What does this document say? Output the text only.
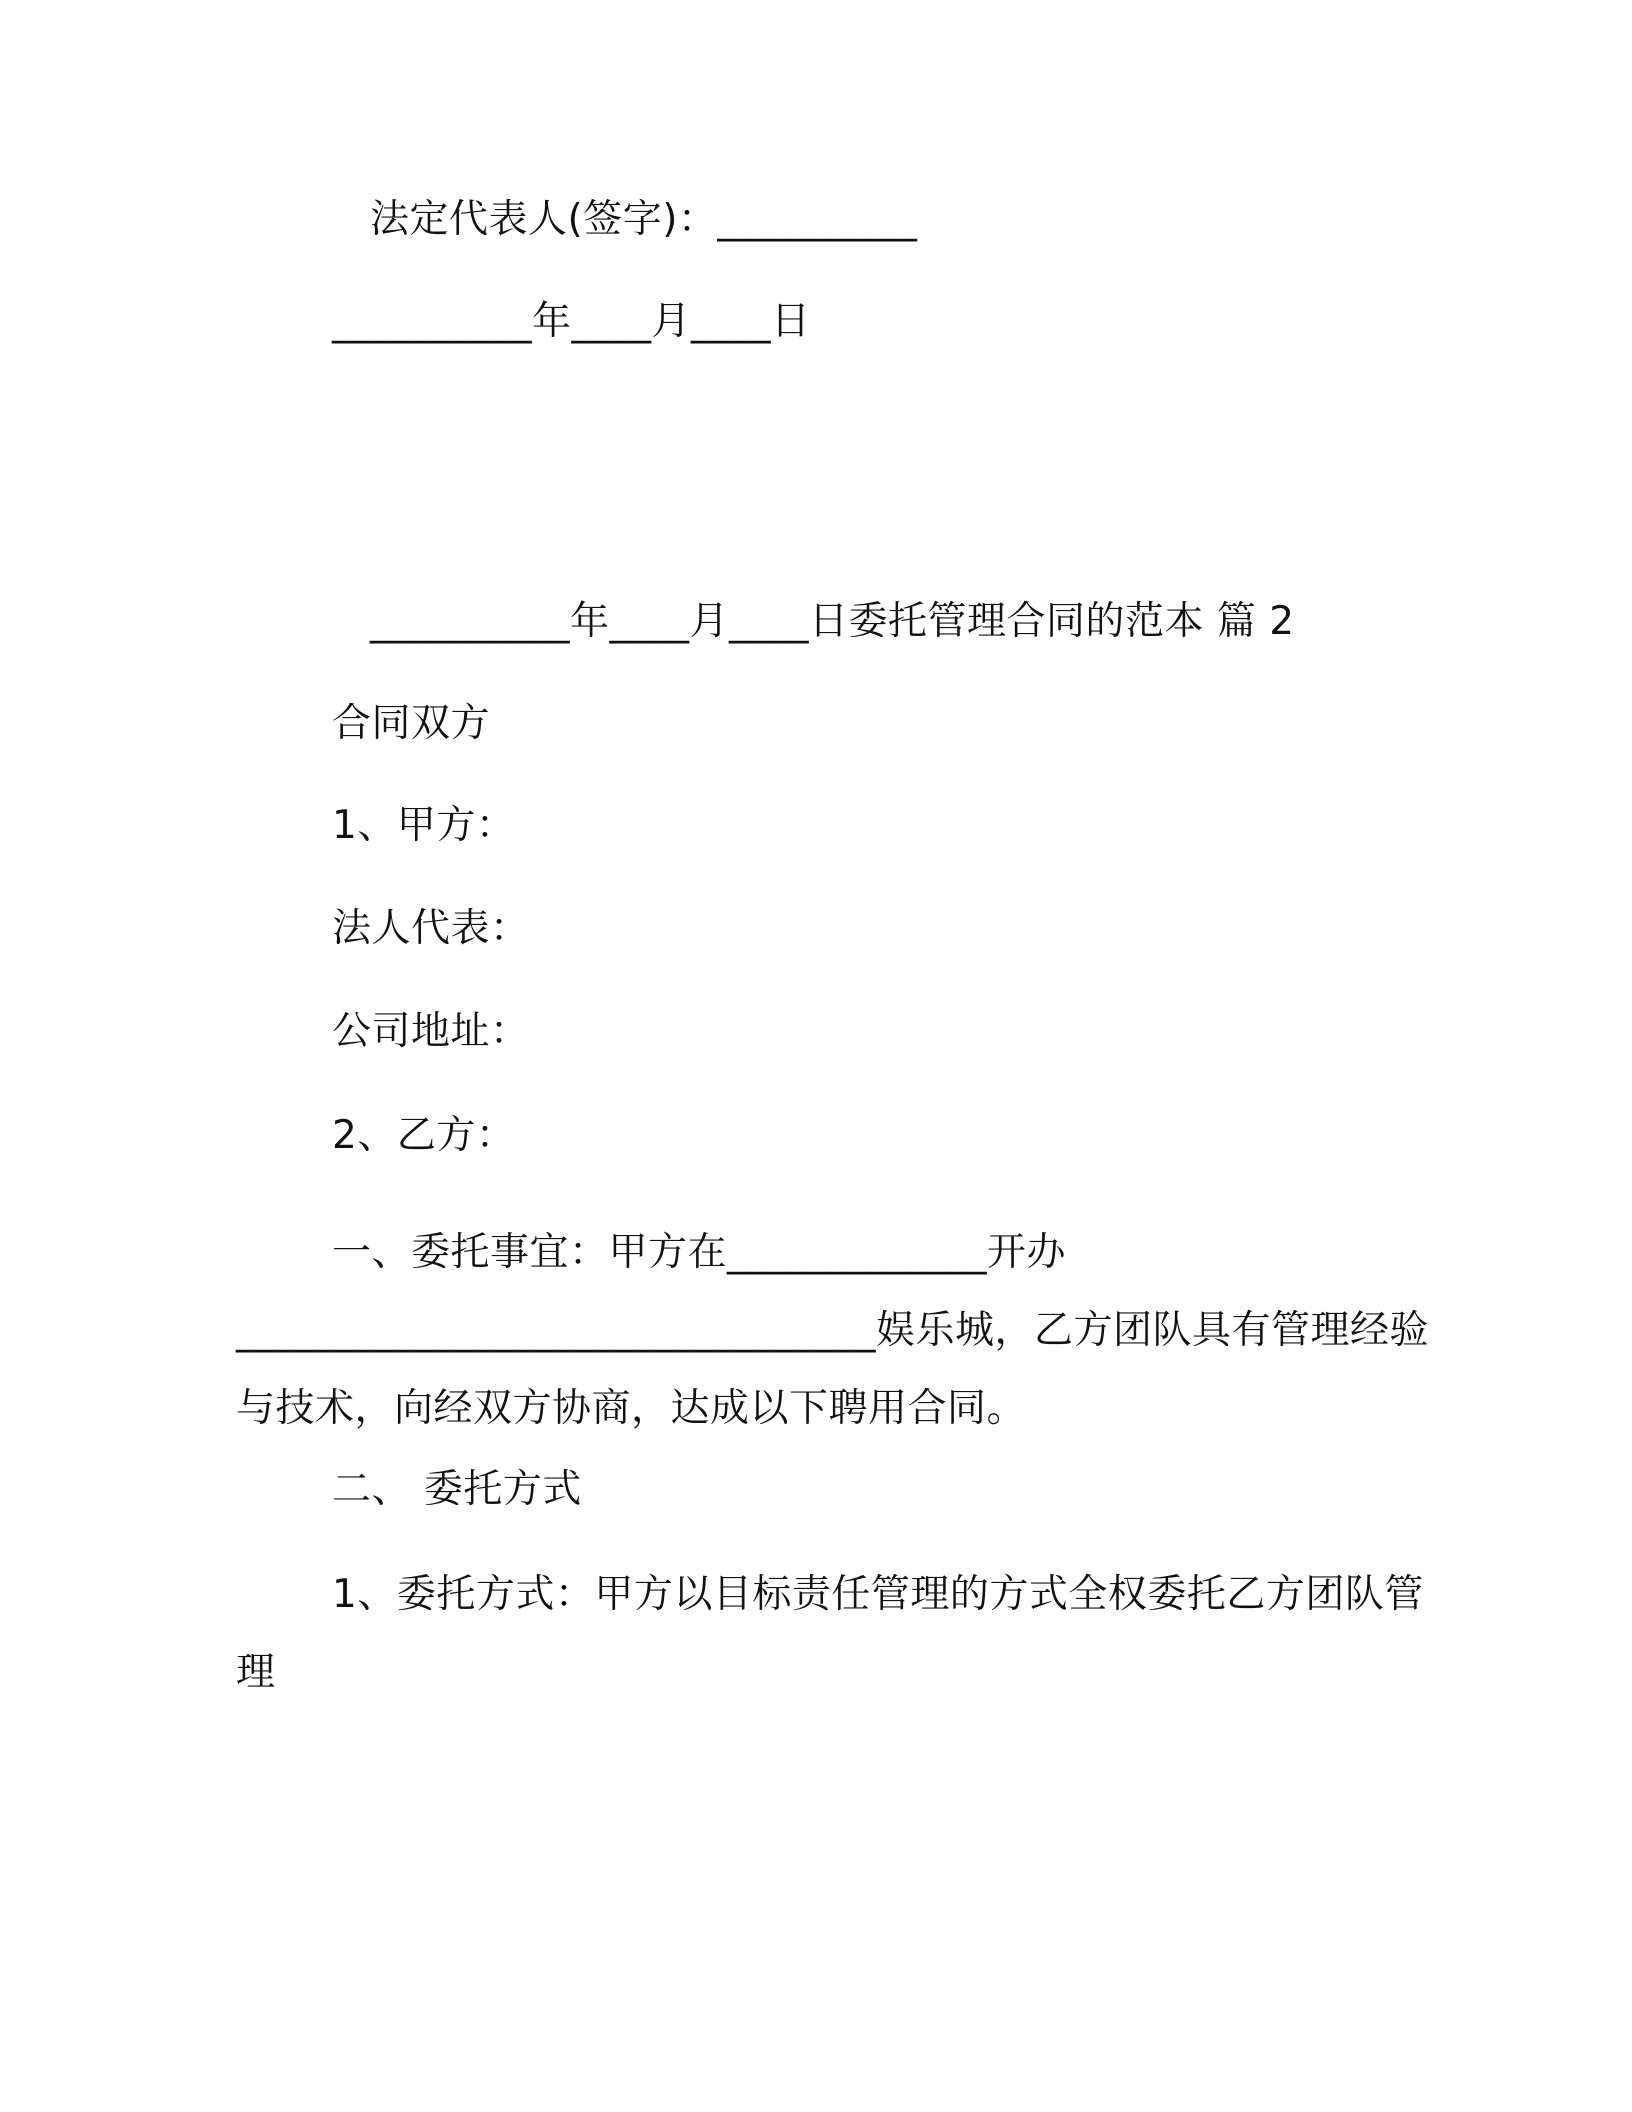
法定代表人(签字)：__________
__________年____月____日
__________年____月____日委托管理合同的范本 篇 2
合同双方
1、甲方：
法人代表：
公司地址：
2、乙方：
一、委托事宜：甲方在_____________开办
________________________________娱乐城，乙方团队具有管理经验
与技术，向经双方协商，达成以下聘用合同。
二、 委托方式
1、委托方式：甲方以目标责任管理的方式全权委托乙方团队管
理
